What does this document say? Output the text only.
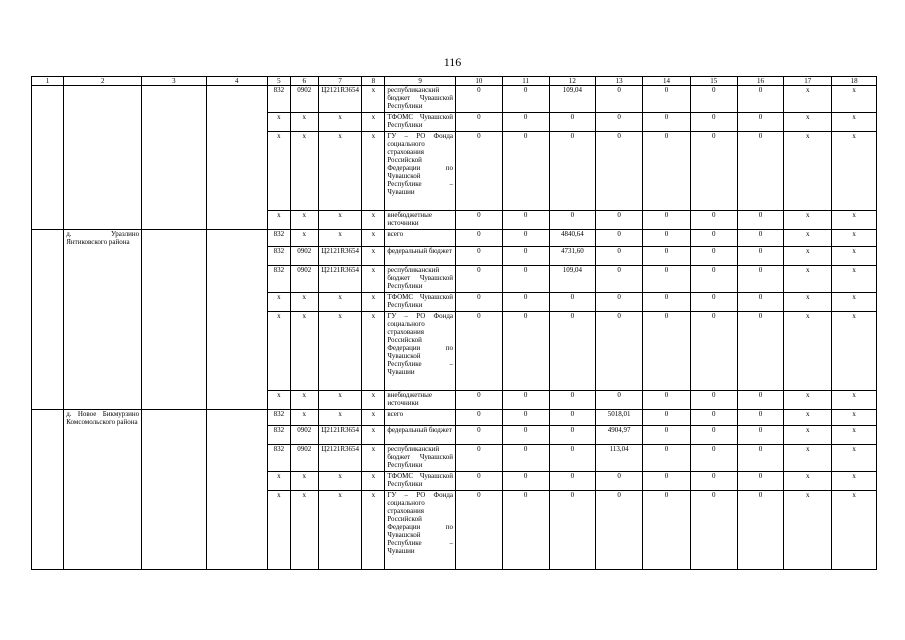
116
1	2	3	4	5	6	7	8	9	10	11	12	13	14	15	16	17	18
				832	0902	Ц2121R3654	x	республиканский бюджет Чувашской Республики	0	0	109,04	0	0	0	0	x	x
				x	x	x	x	ТФОМС Чувашской Республики	0	0	0	0	0	0	0	x	x
				x	x	x	x	ГУ – РО Фонда социального страхования Российской Федерации по Чувашской Республике – Чувашии	0	0	0	0	0	0	0	x	x
				x	x	x	x	внебюджетные источники	0	0	0	0	0	0	0	x	x
	д. Уразлино Янтиковского района			832	x	x	x	всего	0	0	4840,64	0	0	0	0	x	x
				832	0902	Ц2121R3654	x	федеральный бюджет	0	0	4731,60	0	0	0	0	x	x
				832	0902	Ц2121R3654	x	республиканский бюджет Чувашской Республики	0	0	109,04	0	0	0	0	x	x
				x	x	x	x	ТФОМС Чувашской Республики	0	0	0	0	0	0	0	x	x
				x	x	x	x	ГУ – РО Фонда социального страхования Российской Федерации по Чувашской Республике – Чувашии	0	0	0	0	0	0	0	x	x
				x	x	x	x	внебюджетные источники	0	0	0	0	0	0	0	x	x
	д. Новое Бикмурзино Комсомольского района			832	x	x	x	всего	0	0	0	5018,01	0	0	0	x	x
				832	0902	Ц2121R3654	x	федеральный бюджет	0	0	0	4904,97	0	0	0	x	x
				832	0902	Ц2121R3654	x	республиканский бюджет Чувашской Республики	0	0	0	113,04	0	0	0	x	x
				x	x	x	x	ТФОМС Чувашской Республики	0	0	0	0	0	0	0	x	x
				x	x	x	x	ГУ – РО Фонда социального страхования Российской Федерации по Чувашской Республике – Чувашии	0	0	0	0	0	0	0	x	x
